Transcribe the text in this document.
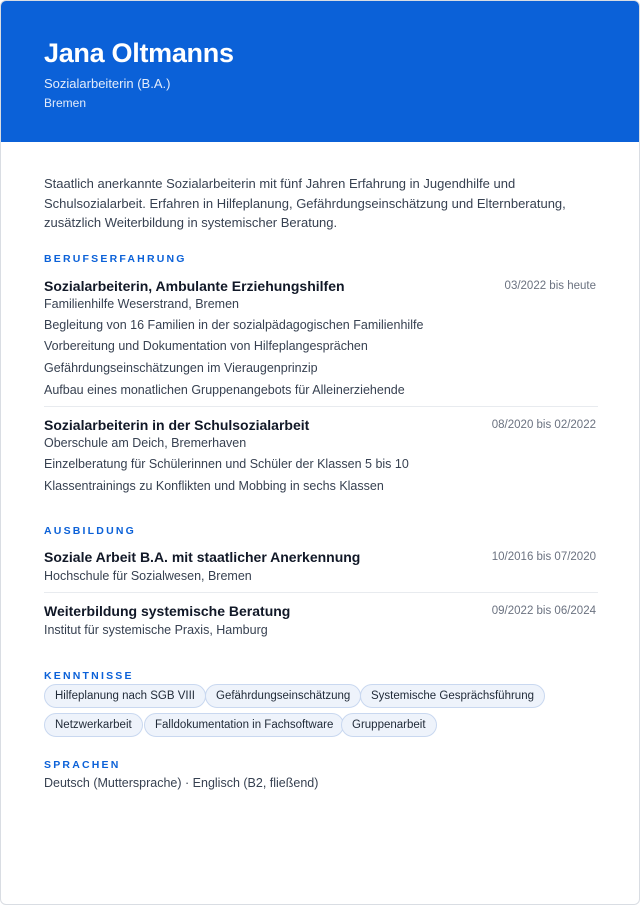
Jana Oltmanns
Sozialarbeiterin (B.A.)
Bremen
Staatlich anerkannte Sozialarbeiterin mit fünf Jahren Erfahrung in Jugendhilfe und Schulsozialarbeit. Erfahren in Hilfeplanung, Gefährdungseinschätzung und Elternberatung, zusätzlich Weiterbildung in systemischer Beratung.
BERUFSERFAHRUNG
Sozialarbeiterin, Ambulante Erziehungshilfen	03/2022 bis heute
Familienhilfe Weserstrand, Bremen
Begleitung von 16 Familien in der sozialpädagogischen Familienhilfe
Vorbereitung und Dokumentation von Hilfeplangesprächen
Gefährdungseinschätzungen im Vieraugenprinzip
Aufbau eines monatlichen Gruppenangebots für Alleinerziehende
Sozialarbeiterin in der Schulsozialarbeit	08/2020 bis 02/2022
Oberschule am Deich, Bremerhaven
Einzelberatung für Schülerinnen und Schüler der Klassen 5 bis 10
Klassentrainings zu Konflikten und Mobbing in sechs Klassen
AUSBILDUNG
Soziale Arbeit B.A. mit staatlicher Anerkennung	10/2016 bis 07/2020
Hochschule für Sozialwesen, Bremen
Weiterbildung systemische Beratung	09/2022 bis 06/2024
Institut für systemische Praxis, Hamburg
KENNTNISSE
Hilfeplanung nach SGB VIII	Gefährdungseinschätzung	Systemische Gesprächsführung
Netzwerkarbeit	Falldokumentation in Fachsoftware	Gruppenarbeit
SPRACHEN
Deutsch (Muttersprache) · Englisch (B2, fließend)
